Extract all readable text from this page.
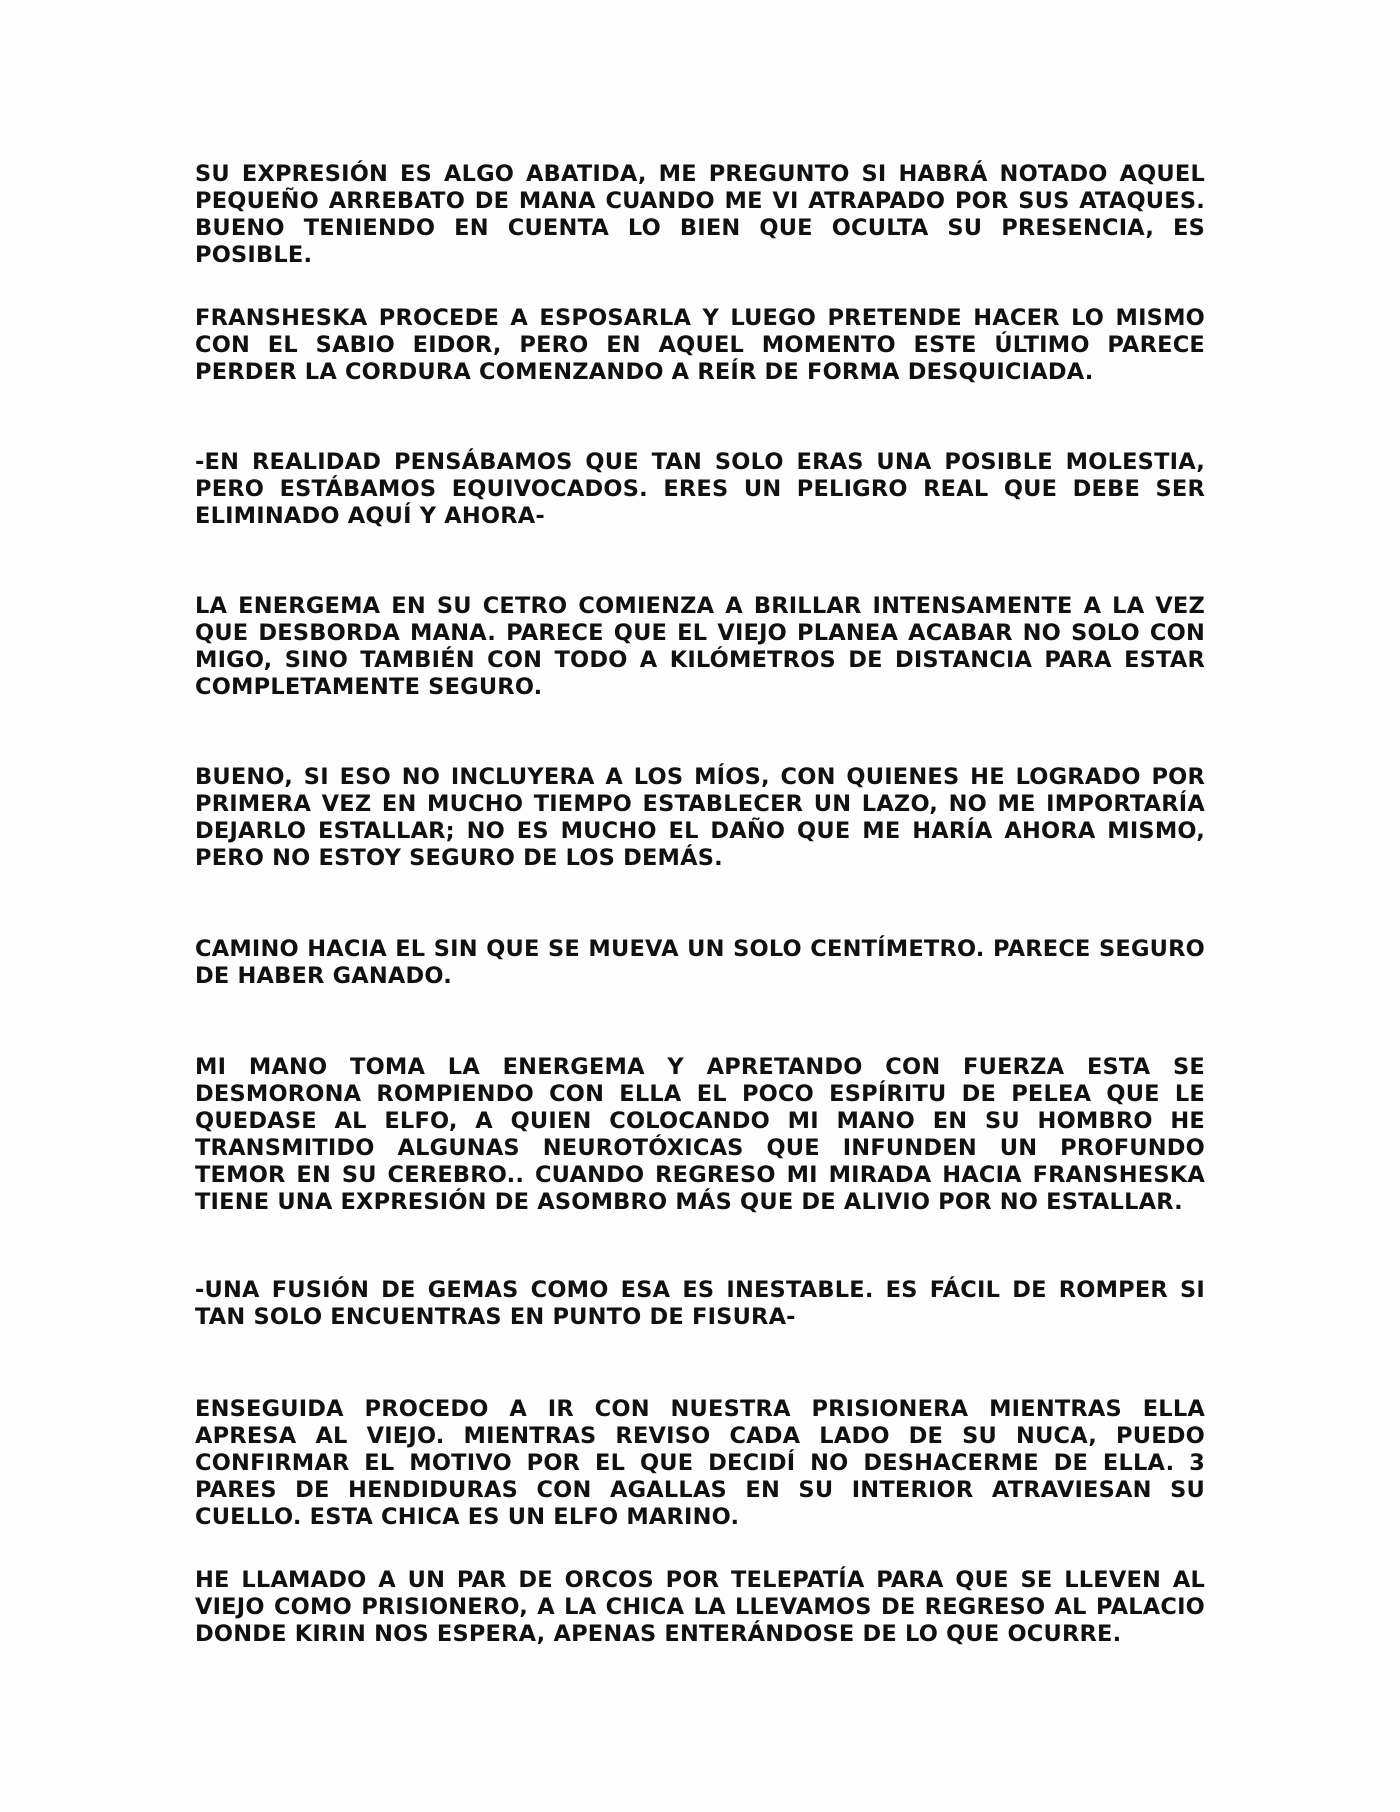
SU EXPRESIÓN ES ALGO ABATIDA, ME PREGUNTO SI HABRÁ NOTADO AQUEL PEQUEÑO ARREBATO DE MANA CUANDO ME VI ATRAPADO POR SUS ATAQUES. BUENO TENIENDO EN CUENTA LO BIEN QUE OCULTA SU PRESENCIA, ES POSIBLE.

FRANSHESKA PROCEDE A ESPOSARLA Y LUEGO PRETENDE HACER LO MISMO CON EL SABIO EIDOR, PERO EN AQUEL MOMENTO ESTE ÚLTIMO PARECE PERDER LA CORDURA COMENZANDO A REÍR DE FORMA DESQUICIADA.

-EN REALIDAD PENSÁBAMOS QUE TAN SOLO ERAS UNA POSIBLE MOLESTIA, PERO ESTÁBAMOS EQUIVOCADOS. ERES UN PELIGRO REAL QUE DEBE SER ELIMINADO AQUÍ Y AHORA-

LA ENERGEMA EN SU CETRO COMIENZA A BRILLAR INTENSAMENTE A LA VEZ QUE DESBORDA MANA. PARECE QUE EL VIEJO PLANEA ACABAR NO SOLO CON MIGO, SINO TAMBIÉN CON TODO A KILÓMETROS DE DISTANCIA PARA ESTAR COMPLETAMENTE SEGURO.

BUENO, SI ESO NO INCLUYERA A LOS MÍOS, CON QUIENES HE LOGRADO POR PRIMERA VEZ EN MUCHO TIEMPO ESTABLECER UN LAZO, NO ME IMPORTARÍA DEJARLO ESTALLAR; NO ES MUCHO EL DAÑO QUE ME HARÍA AHORA MISMO, PERO NO ESTOY SEGURO DE LOS DEMÁS.

CAMINO HACIA EL SIN QUE SE MUEVA UN SOLO CENTÍMETRO. PARECE SEGURO DE HABER GANADO.

MI MANO TOMA LA ENERGEMA Y APRETANDO CON FUERZA ESTA SE DESMORONA ROMPIENDO CON ELLA EL POCO ESPÍRITU DE PELEA QUE LE QUEDASE AL ELFO, A QUIEN COLOCANDO MI MANO EN SU HOMBRO HE TRANSMITIDO ALGUNAS NEUROTÓXICAS QUE INFUNDEN UN PROFUNDO TEMOR EN SU CEREBRO.. CUANDO REGRESO MI MIRADA HACIA FRANSHESKA TIENE UNA EXPRESIÓN DE ASOMBRO MÁS QUE DE ALIVIO POR NO ESTALLAR.

-UNA FUSIÓN DE GEMAS COMO ESA ES INESTABLE. ES FÁCIL DE ROMPER SI TAN SOLO ENCUENTRAS EN PUNTO DE FISURA-

ENSEGUIDA PROCEDO A IR CON NUESTRA PRISIONERA MIENTRAS ELLA APRESA AL VIEJO. MIENTRAS REVISO CADA LADO DE SU NUCA, PUEDO CONFIRMAR EL MOTIVO POR EL QUE DECIDÍ NO DESHACERME DE ELLA. 3 PARES DE HENDIDURAS CON AGALLAS EN SU INTERIOR ATRAVIESAN SU CUELLO. ESTA CHICA ES UN ELFO MARINO.

HE LLAMADO A UN PAR DE ORCOS POR TELEPATÍA PARA QUE SE LLEVEN AL VIEJO COMO PRISIONERO, A LA CHICA LA LLEVAMOS DE REGRESO AL PALACIO DONDE KIRIN NOS ESPERA, APENAS ENTERÁNDOSE DE LO QUE OCURRE.
